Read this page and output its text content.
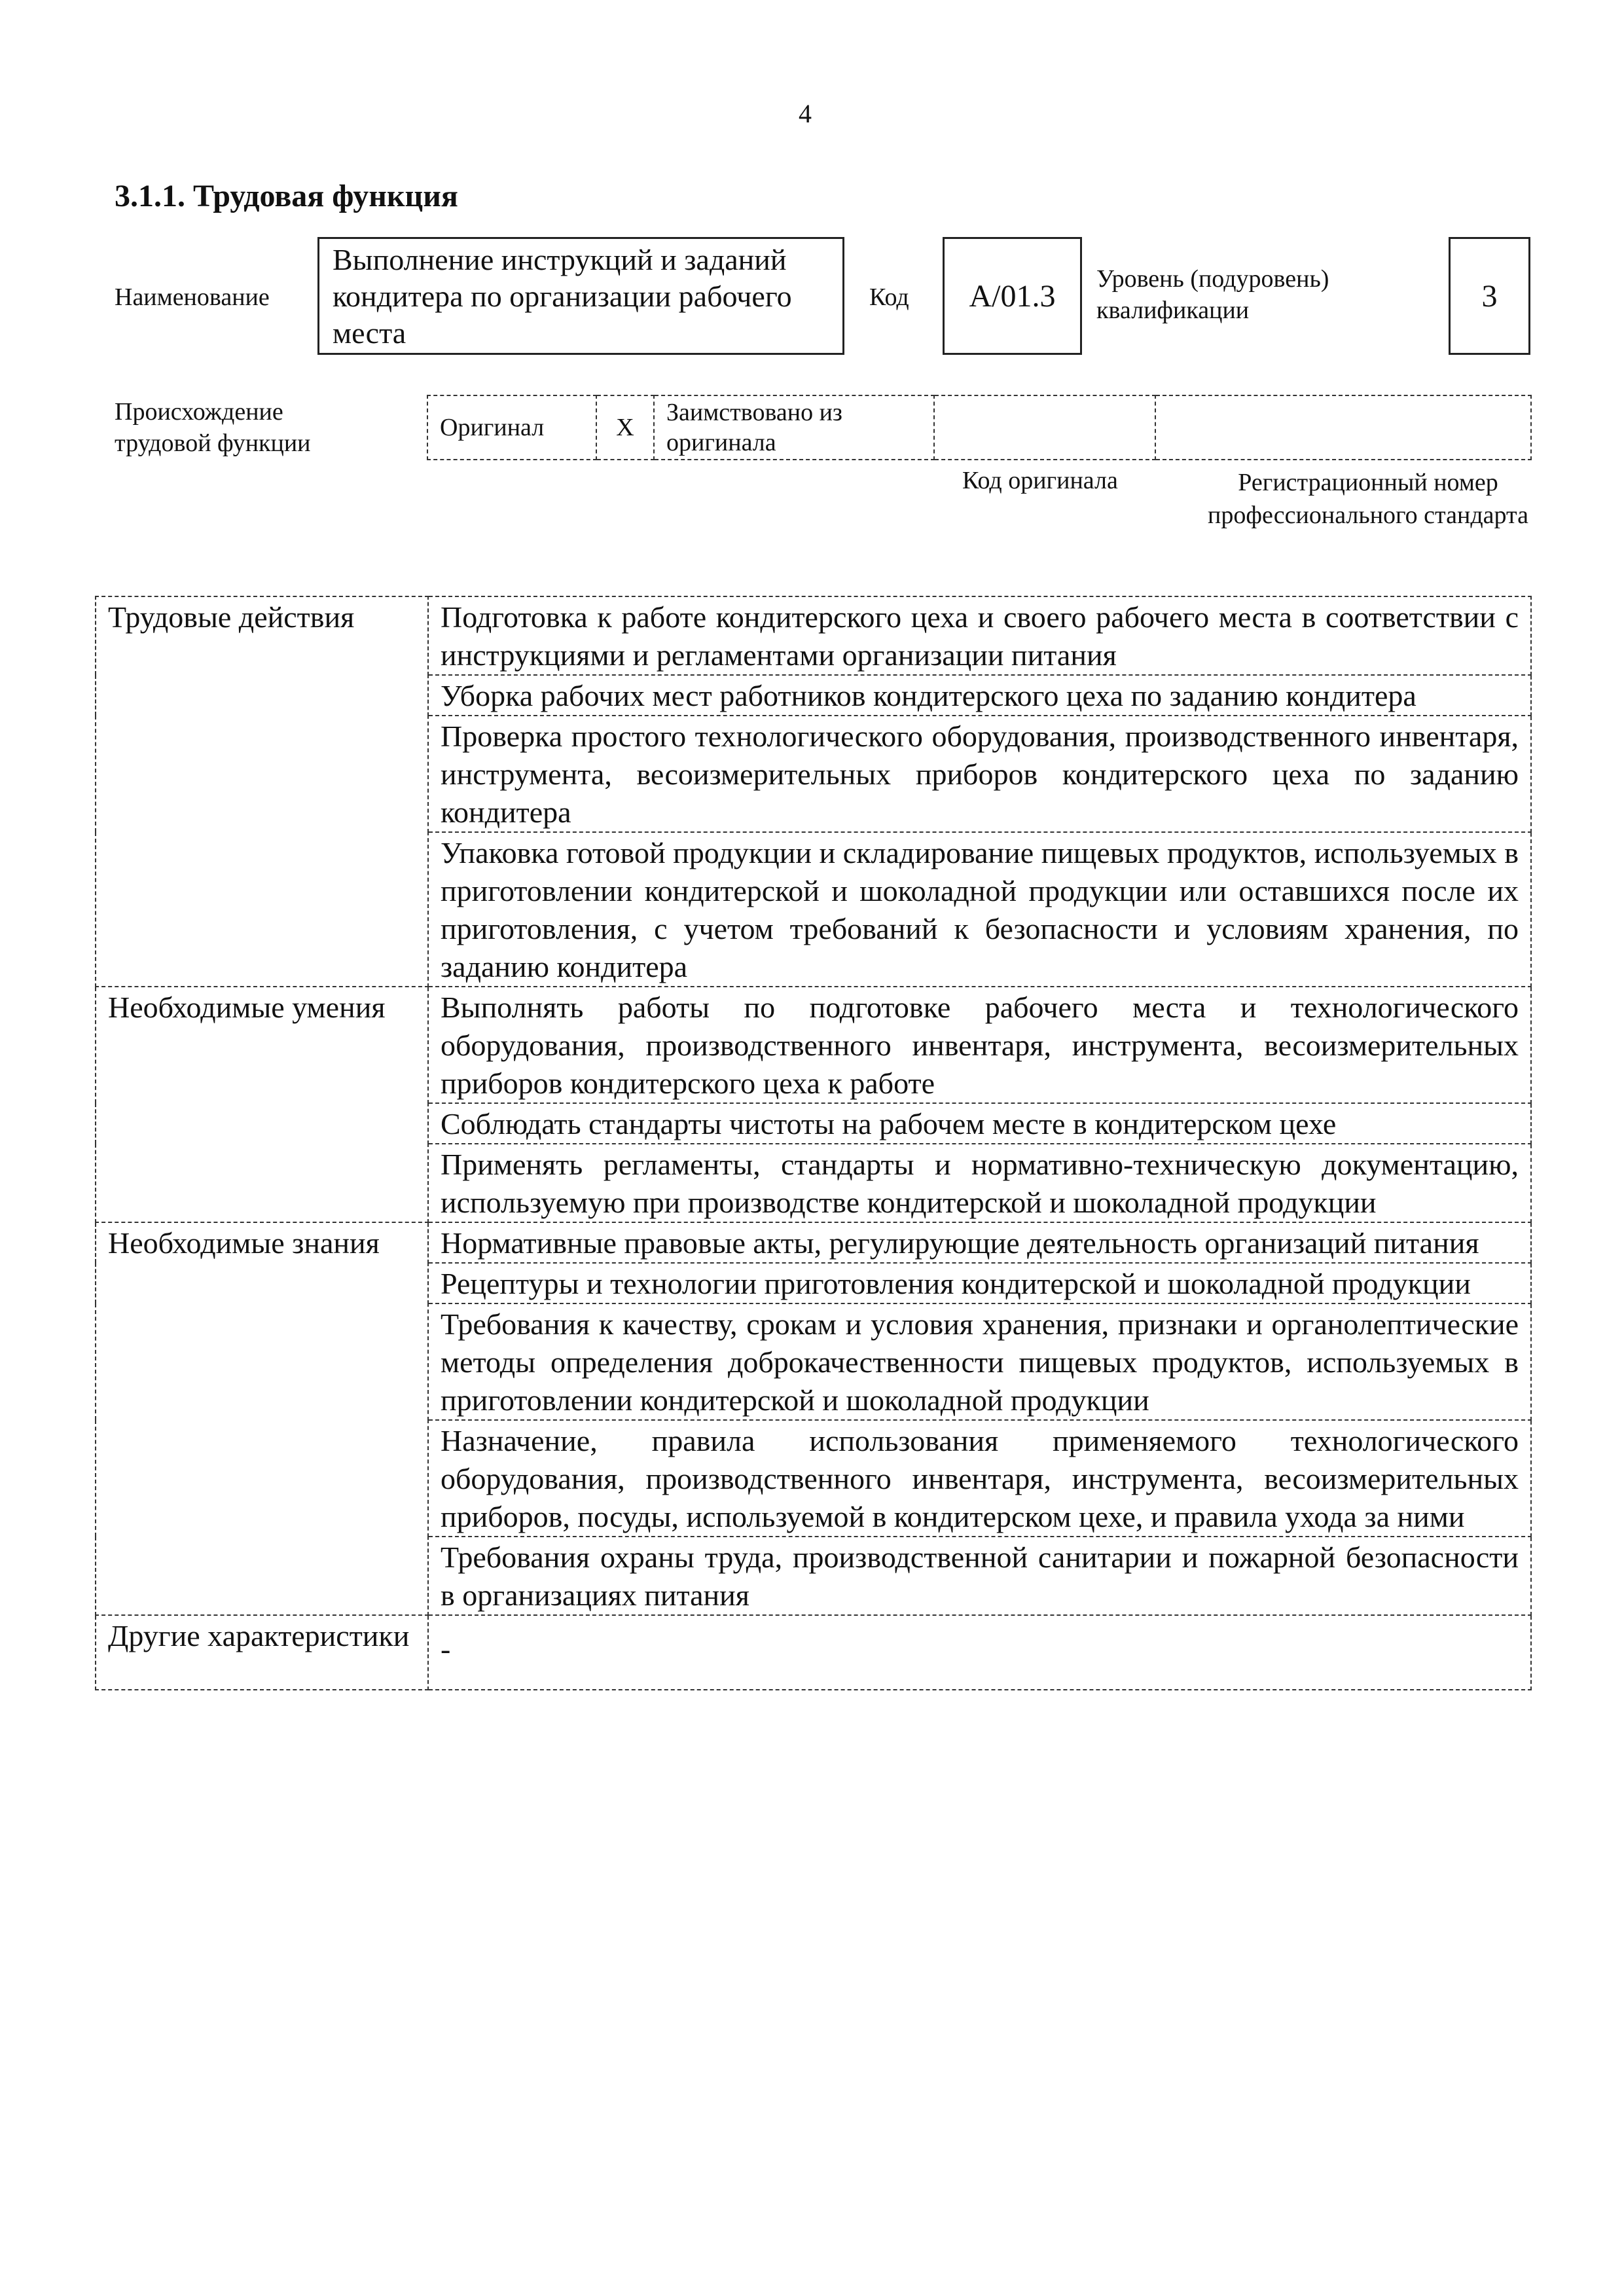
4
3.1.1. Трудовая функция
Наименование
Выполнение инструкций и заданий кондитера по организации рабочего места
Код	А/01.3	Уровень (подуровень) квалификации	3
Происхождение трудовой функции
Оригинал	X	Заимствовано из оригинала		
Код оригинала	Регистрационный номер профессионального стандарта
Трудовые действия	Подготовка к работе кондитерского цеха и своего рабочего места в соответствии с инструкциями и регламентами организации питания
	Уборка рабочих мест работников кондитерского цеха по заданию кондитера
	Проверка простого технологического оборудования, производственного инвентаря, инструмента, весоизмерительных приборов кондитерского цеха по заданию кондитера
	Упаковка готовой продукции и складирование пищевых продуктов, используемых в приготовлении кондитерской и шоколадной продукции или оставшихся после их приготовления, с учетом требований к безопасности и условиям хранения, по заданию кондитера
Необходимые умения	Выполнять работы по подготовке рабочего места и технологического оборудования, производственного инвентаря, инструмента, весоизмерительных приборов кондитерского цеха к работе
	Соблюдать стандарты чистоты на рабочем месте в кондитерском цехе
	Применять регламенты, стандарты и нормативно-техническую документацию, используемую при производстве кондитерской и шоколадной продукции
Необходимые знания	Нормативные правовые акты, регулирующие деятельность организаций питания
	Рецептуры и технологии приготовления кондитерской и шоколадной продукции
	Требования к качеству, срокам и условия хранения, признаки и органолептические методы определения доброкачественности пищевых продуктов, используемых в приготовлении кондитерской и шоколадной продукции
	Назначение, правила использования применяемого технологического оборудования, производственного инвентаря, инструмента, весоизмерительных приборов, посуды, используемой в кондитерском цехе, и правила ухода за ними
	Требования охраны труда, производственной санитарии и пожарной безопасности в организациях питания
Другие характеристики	-
